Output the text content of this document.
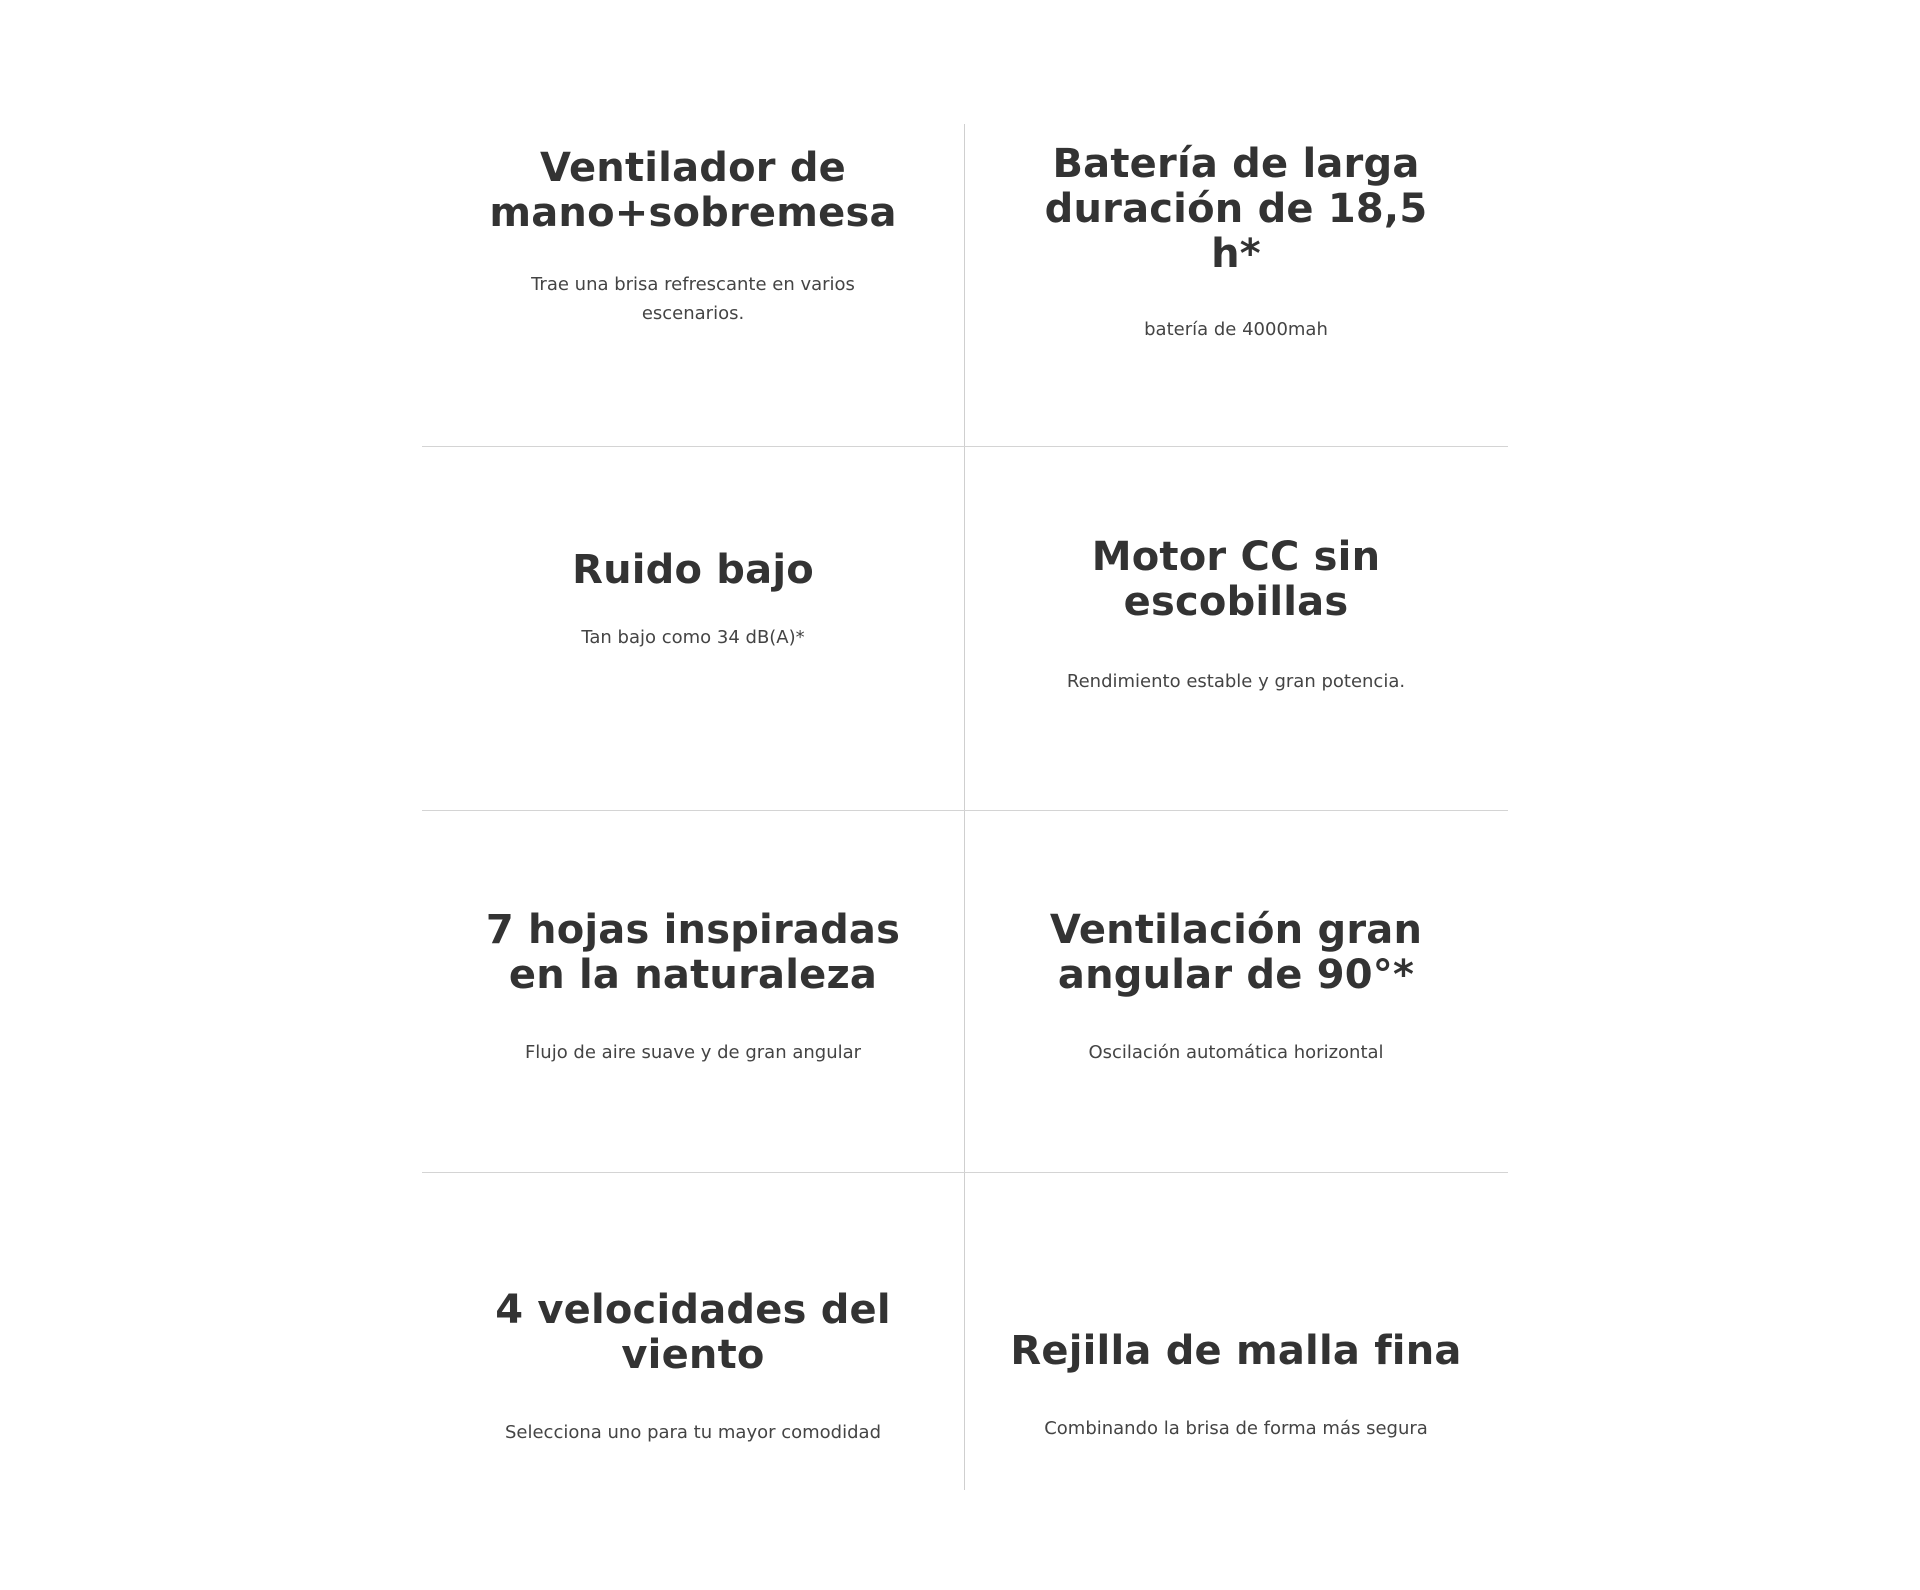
Ventilador de mano+sobremesa

Trae una brisa refrescante en varios escenarios.

Batería de larga duración de 18,5 h*

batería de 4000mah

Ruido bajo

Tan bajo como 34 dB(A)*

Motor CC sin escobillas

Rendimiento estable y gran potencia.

7 hojas inspiradas en la naturaleza

Flujo de aire suave y de gran angular

Ventilación gran angular de 90°*

Oscilación automática horizontal

4 velocidades del viento

Selecciona uno para tu mayor comodidad

Rejilla de malla fina

Combinando la brisa de forma más segura
